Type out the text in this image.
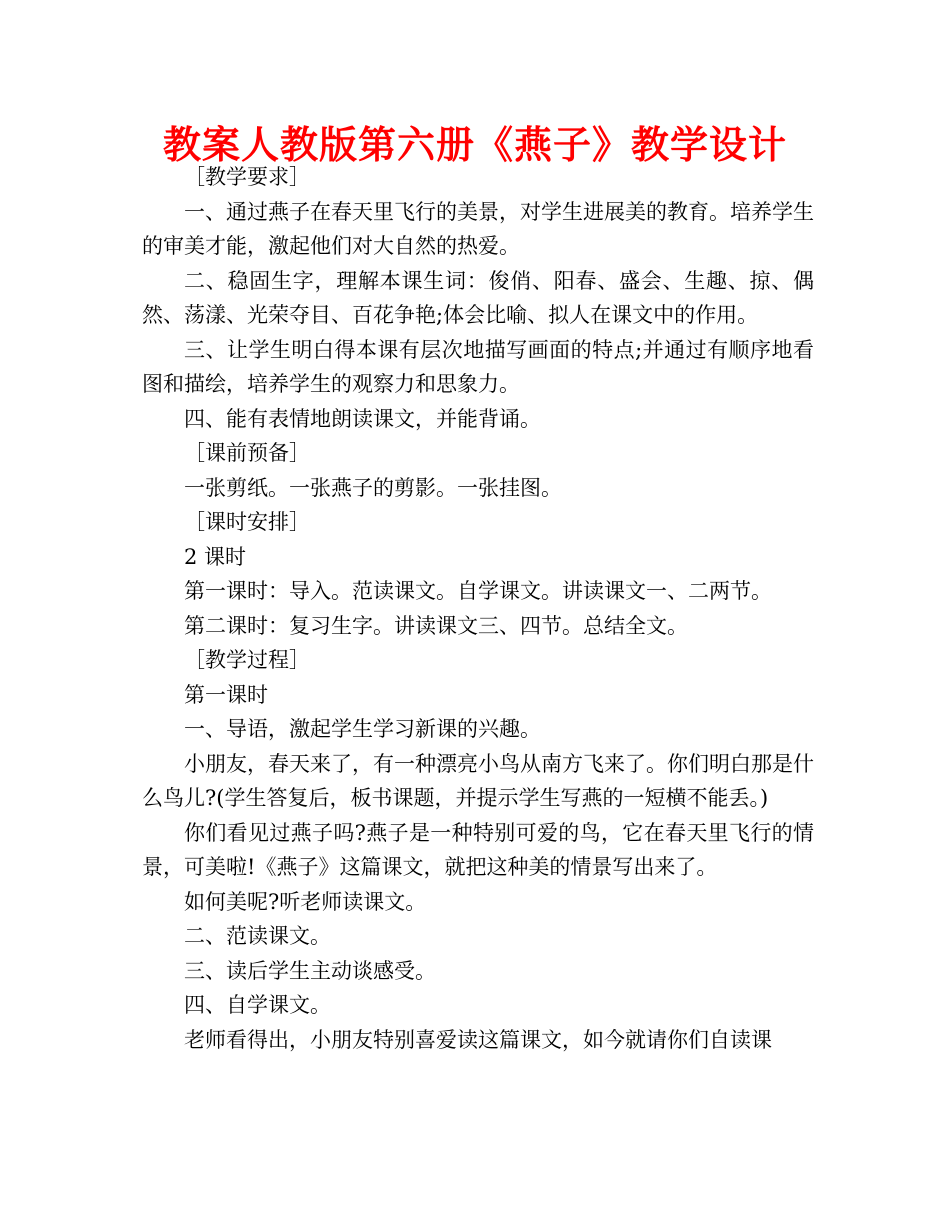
教案人教版第六册《燕子》教学设计

［教学要求］

一、通过燕子在春天里飞行的美景，对学生进展美的教育。培养学生的审美才能，激起他们对大自然的热爱。

二、稳固生字，理解本课生词：俊俏、阳春、盛会、生趣、掠、偶然、荡漾、光荣夺目、百花争艳;体会比喻、拟人在课文中的作用。

三、让学生明白得本课有层次地描写画面的特点;并通过有顺序地看图和描绘，培养学生的观察力和思象力。

四、能有表情地朗读课文，并能背诵。

［课前预备］

一张剪纸。一张燕子的剪影。一张挂图。

［课时安排］

2 课时

第一课时：导入。范读课文。自学课文。讲读课文一、二两节。

第二课时：复习生字。讲读课文三、四节。总结全文。

［教学过程］

第一课时

一、导语，激起学生学习新课的兴趣。

小朋友，春天来了，有一种漂亮小鸟从南方飞来了。你们明白那是什么鸟儿?(学生答复后，板书课题，并提示学生写燕的一短横不能丢。)

你们看见过燕子吗?燕子是一种特别可爱的鸟，它在春天里飞行的情景，可美啦!《燕子》这篇课文，就把这种美的情景写出来了。

如何美呢?听老师读课文。

二、范读课文。

三、读后学生主动谈感受。

四、自学课文。

老师看得出，小朋友特别喜爱读这篇课文，如今就请你们自读课
